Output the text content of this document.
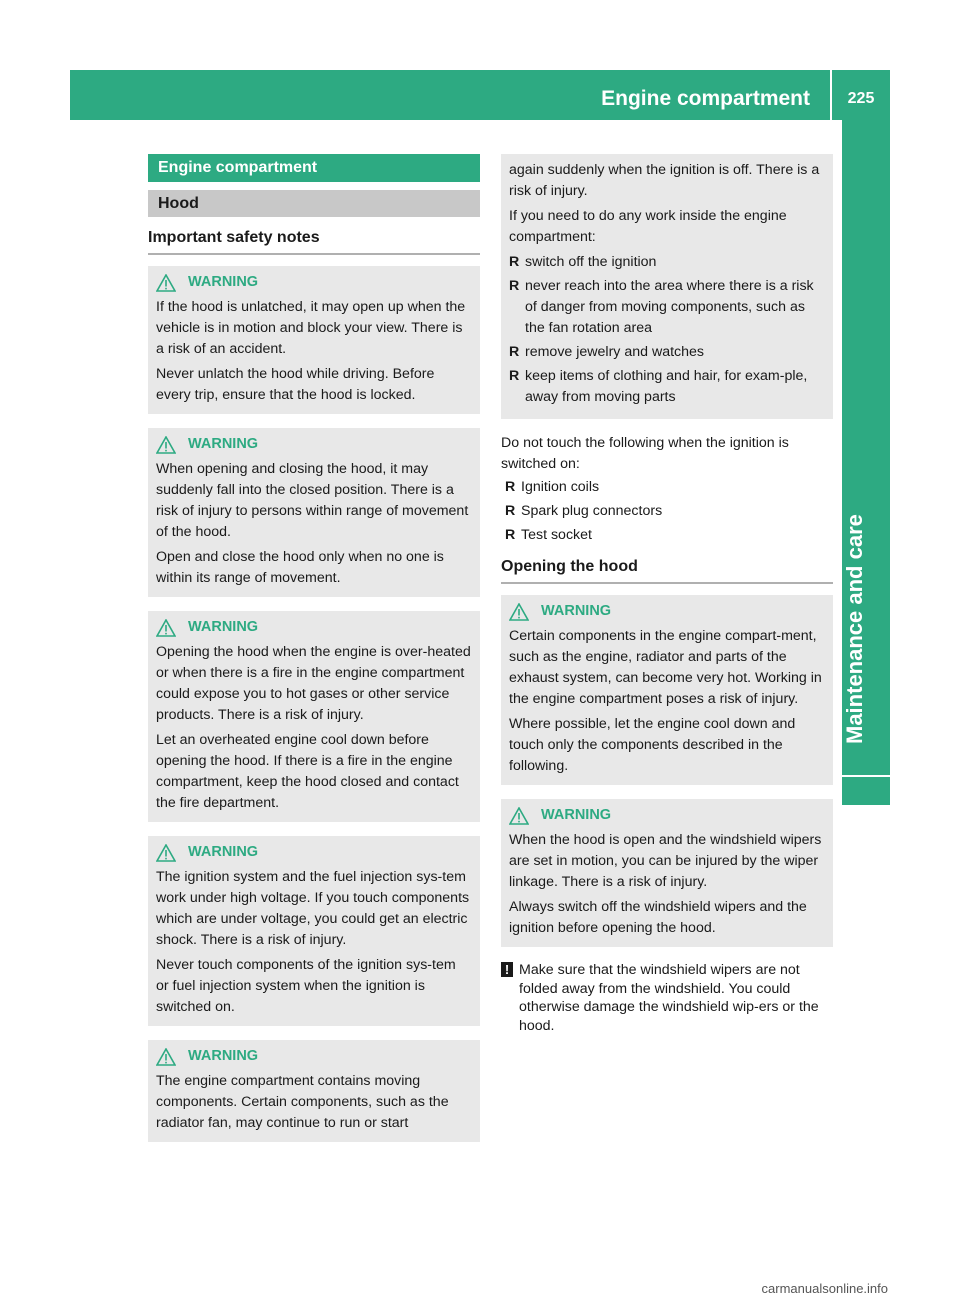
Engine compartment	225
Maintenance and care
Engine compartment
Hood
Important safety notes
WARNING

If the hood is unlatched, it may open up when the vehicle is in motion and block your view. There is a risk of an accident.

Never unlatch the hood while driving. Before every trip, ensure that the hood is locked.

WARNING

When opening and closing the hood, it may suddenly fall into the closed position. There is a risk of injury to persons within range of movement of the hood.

Open and close the hood only when no one is within its range of movement.

WARNING

Opening the hood when the engine is over-heated or when there is a fire in the engine compartment could expose you to hot gases or other service products. There is a risk of injury.

Let an overheated engine cool down before opening the hood. If there is a fire in the engine compartment, keep the hood closed and contact the fire department.

WARNING

The ignition system and the fuel injection sys-tem work under high voltage. If you touch components which are under voltage, you could get an electric shock. There is a risk of injury.

Never touch components of the ignition sys-tem or fuel injection system when the ignition is switched on.

WARNING

The engine compartment contains moving components. Certain components, such as the radiator fan, may continue to run or start

again suddenly when the ignition is off. There is a risk of injury.

If you need to do any work inside the engine compartment:

R switch off the ignition
R never reach into the area where there is a risk of danger from moving components, such as the fan rotation area
R remove jewelry and watches
R keep items of clothing and hair, for exam-ple, away from moving parts

Do not touch the following when the ignition is switched on:

R Ignition coils
R Spark plug connectors
R Test socket
Opening the hood
WARNING

Certain components in the engine compart-ment, such as the engine, radiator and parts of the exhaust system, can become very hot. Working in the engine compartment poses a risk of injury.

Where possible, let the engine cool down and touch only the components described in the following.

WARNING

When the hood is open and the windshield wipers are set in motion, you can be injured by the wiper linkage. There is a risk of injury.

Always switch off the windshield wipers and the ignition before opening the hood.

! Make sure that the windshield wipers are not folded away from the windshield. You could otherwise damage the windshield wip-ers or the hood.
carmanualsonline.info
